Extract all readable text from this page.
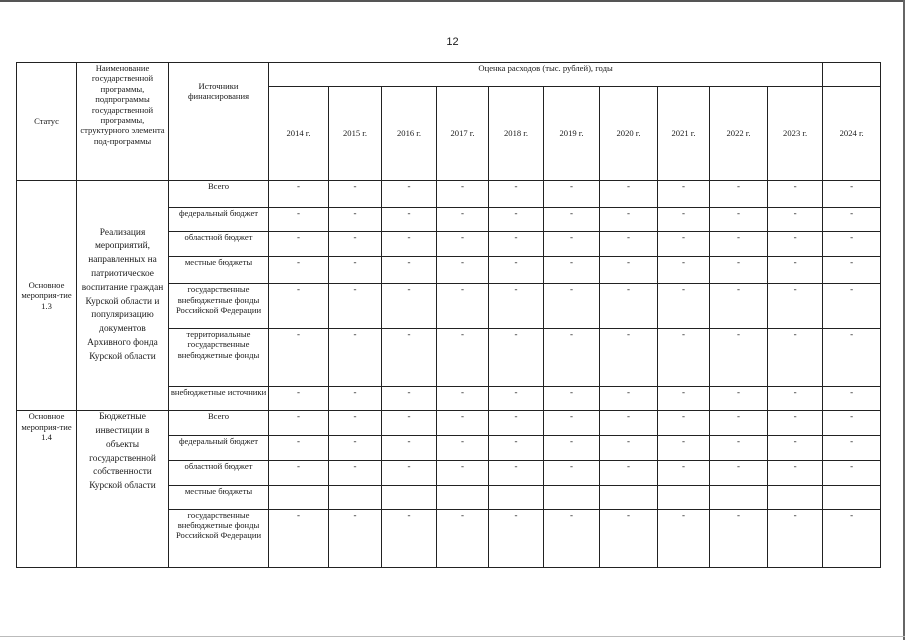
12
Статус	Наименование государственной программы, подпрограммы государственной программы, структурного элемента под-программы	Источники финансирования	Оценка расходов (тыс. рублей), годы										
			2014 г.	2015 г.	2016 г.	2017 г.	2018 г.	2019 г.	2020 г.	2021 г.	2022 г.	2023 г.	2024 г.
Основное мероприя-тие 1.3	Реализация мероприятий, направленных на патриотическое воспитание граждан Курской области и популяризацию документов Архивного фонда Курской области	Всего	-	-	-	-	-	-	-	-	-	-	-
		федеральный бюджет	-	-	-	-	-	-	-	-	-	-	-
		областной бюджет	-	-	-	-	-	-	-	-	-	-	-
		местные бюджеты	-	-	-	-	-	-	-	-	-	-	-
		государственные внебюджетные фонды Российской Федерации	-	-	-	-	-	-	-	-	-	-	-
		территориальные государственные внебюджетные фонды	-	-	-	-	-	-	-	-	-	-	-
		внебюджетные источники	-	-	-	-	-	-	-	-	-	-	-
Основное мероприя-тие 1.4	Бюджетные инвестиции в объекты государственной собственности Курской области	Всего	-	-	-	-	-	-	-	-	-	-	-
		федеральный бюджет	-	-	-	-	-	-	-	-	-	-	-
		областной бюджет	-	-	-	-	-	-	-	-	-	-	-
		местные бюджеты											
		государственные внебюджетные фонды Российской Федерации	-	-	-	-	-	-	-	-	-	-	-
